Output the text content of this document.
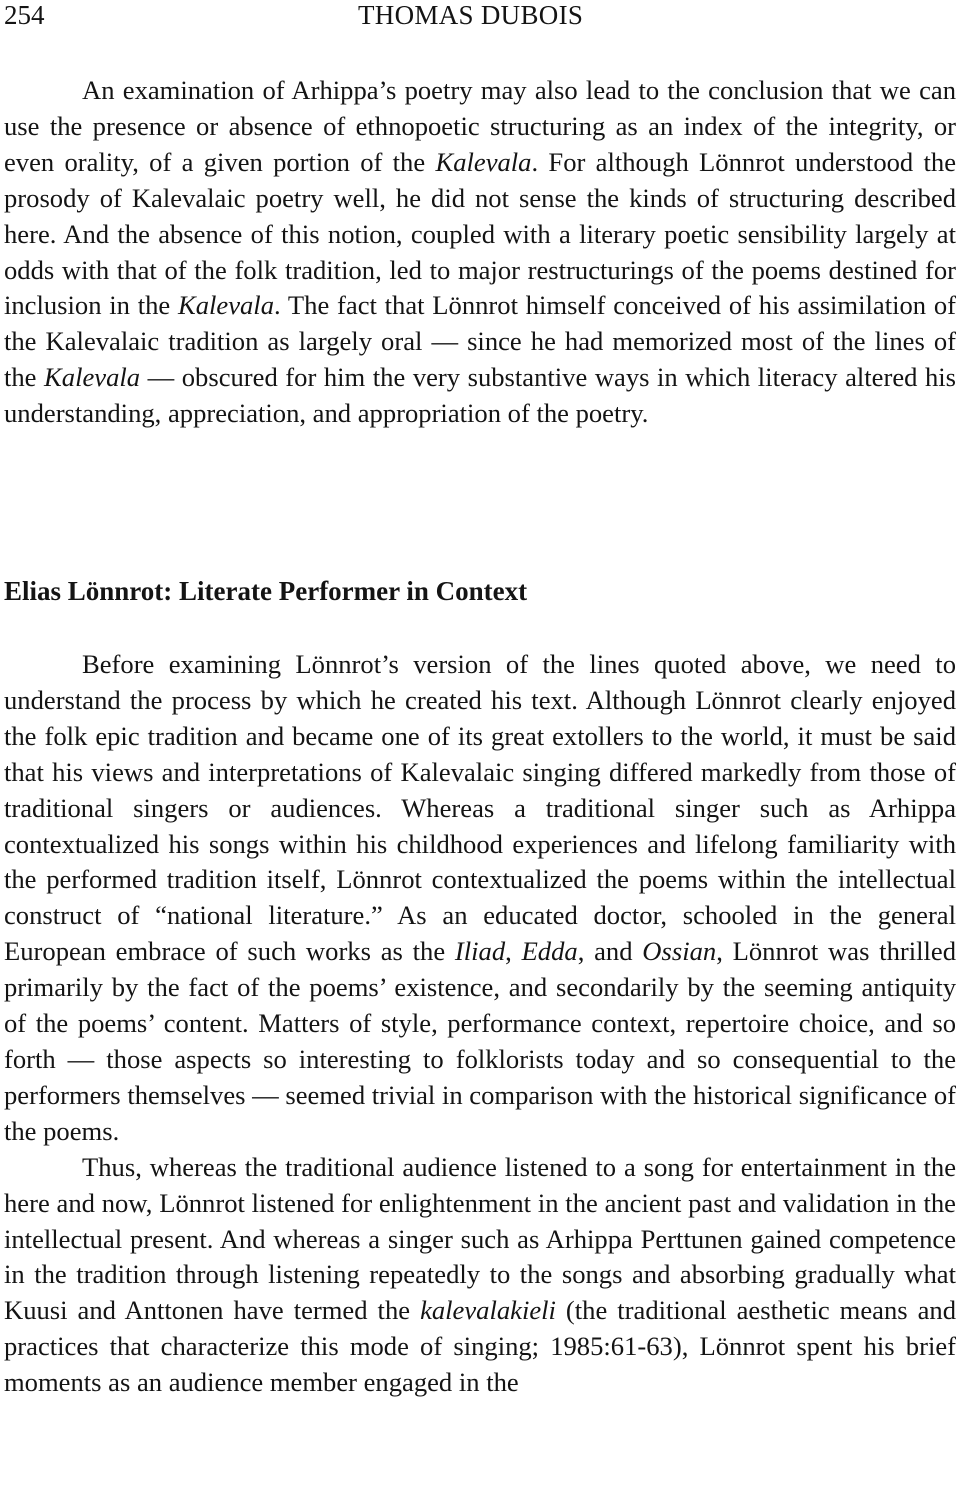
254	THOMAS DUBOIS

An examination of Arhippa’s poetry may also lead to the conclusion that we can use the presence or absence of ethnopoetic structuring as an index of the integrity, or even orality, of a given portion of the Kalevala. For although Lönnrot understood the prosody of Kalevalaic poetry well, he did not sense the kinds of structuring described here. And the absence of this notion, coupled with a literary poetic sensibility largely at odds with that of the folk tradition, led to major restructurings of the poems destined for inclusion in the Kalevala. The fact that Lönnrot himself conceived of his assimilation of the Kalevalaic tradition as largely oral — since he had memorized most of the lines of the Kalevala — obscured for him the very substantive ways in which literacy altered his understanding, appreciation, and appropriation of the poetry.

Elias Lönnrot: Literate Performer in Context

Before examining Lönnrot’s version of the lines quoted above, we need to understand the process by which he created his text. Although Lönnrot clearly enjoyed the folk epic tradition and became one of its great extollers to the world, it must be said that his views and interpretations of Kalevalaic singing differed markedly from those of traditional singers or audiences. Whereas a traditional singer such as Arhippa contextualized his songs within his childhood experiences and lifelong familiarity with the performed tradition itself, Lönnrot contextualized the poems within the intellectual construct of “national literature.” As an educated doctor, schooled in the general European embrace of such works as the Iliad, Edda, and Ossian, Lönnrot was thrilled primarily by the fact of the poems’ existence, and secondarily by the seeming antiquity of the poems’ content. Matters of style, performance context, repertoire choice, and so forth — those aspects so interesting to folklorists today and so consequential to the performers themselves — seemed trivial in comparison with the historical significance of the poems.

Thus, whereas the traditional audience listened to a song for entertainment in the here and now, Lönnrot listened for enlightenment in the ancient past and validation in the intellectual present. And whereas a singer such as Arhippa Perttunen gained competence in the tradition through listening repeatedly to the songs and absorbing gradually what Kuusi and Anttonen have termed the kalevalakieli (the traditional aesthetic means and practices that characterize this mode of singing; 1985:61-63), Lönnrot spent his brief moments as an audience member engaged in the
